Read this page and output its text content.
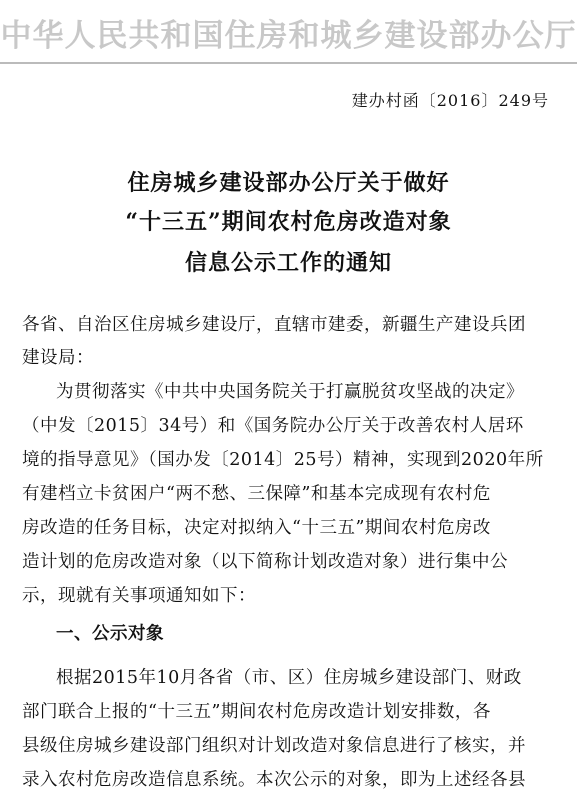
中华人民共和国住房和城乡建设部办公厅
建办村函〔2016〕249号
住房城乡建设部办公厅关于做好
“十三五”期间农村危房改造对象
信息公示工作的通知
各省、自治区住房城乡建设厅，直辖市建委，新疆生产建设兵团
建设局：
为贯彻落实《中共中央国务院关于打赢脱贫攻坚战的决定》
（中发〔2015〕34号）和《国务院办公厅关于改善农村人居环
境的指导意见》（国办发〔2014〕25号）精神，实现到2020年所
有建档立卡贫困户“两不愁、三保障”和基本完成现有农村危
房改造的任务目标，决定对拟纳入“十三五”期间农村危房改
造计划的危房改造对象（以下简称计划改造对象）进行集中公
示，现就有关事项通知如下：
一、公示对象
根据2015年10月各省（市、区）住房城乡建设部门、财政
部门联合上报的“十三五”期间农村危房改造计划安排数，各
县级住房城乡建设部门组织对计划改造对象信息进行了核实，并
录入农村危房改造信息系统。本次公示的对象，即为上述经各县
